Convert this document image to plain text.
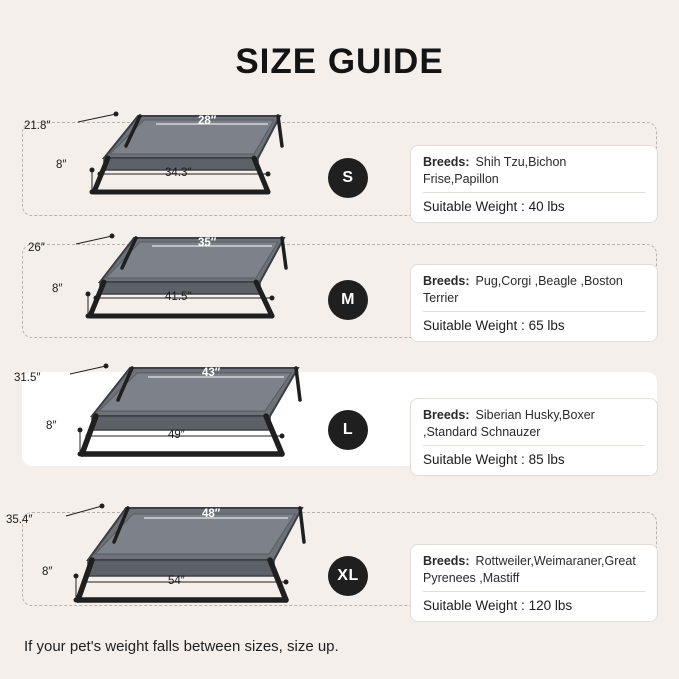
SIZE GUIDE
21.8″
8″
34.3″
28″
S
Breeds: Shih Tzu,Bichon Frise,Papillon
Suitable Weight : 40 lbs
26″
8″
41.5″
35″
M
Breeds: Pug,Corgi ,Beagle ,Boston Terrier
Suitable Weight : 65 lbs
31.5″
8″
49″
43″
L
Breeds: Siberian Husky,Boxer ,Standard Schnauzer
Suitable Weight : 85 lbs
35.4″
8″
54″
48″
XL
Breeds: Rottweiler,Weimaraner,Great Pyrenees ,Mastiff
Suitable Weight : 120 lbs
If your pet's weight falls between sizes, size up.
